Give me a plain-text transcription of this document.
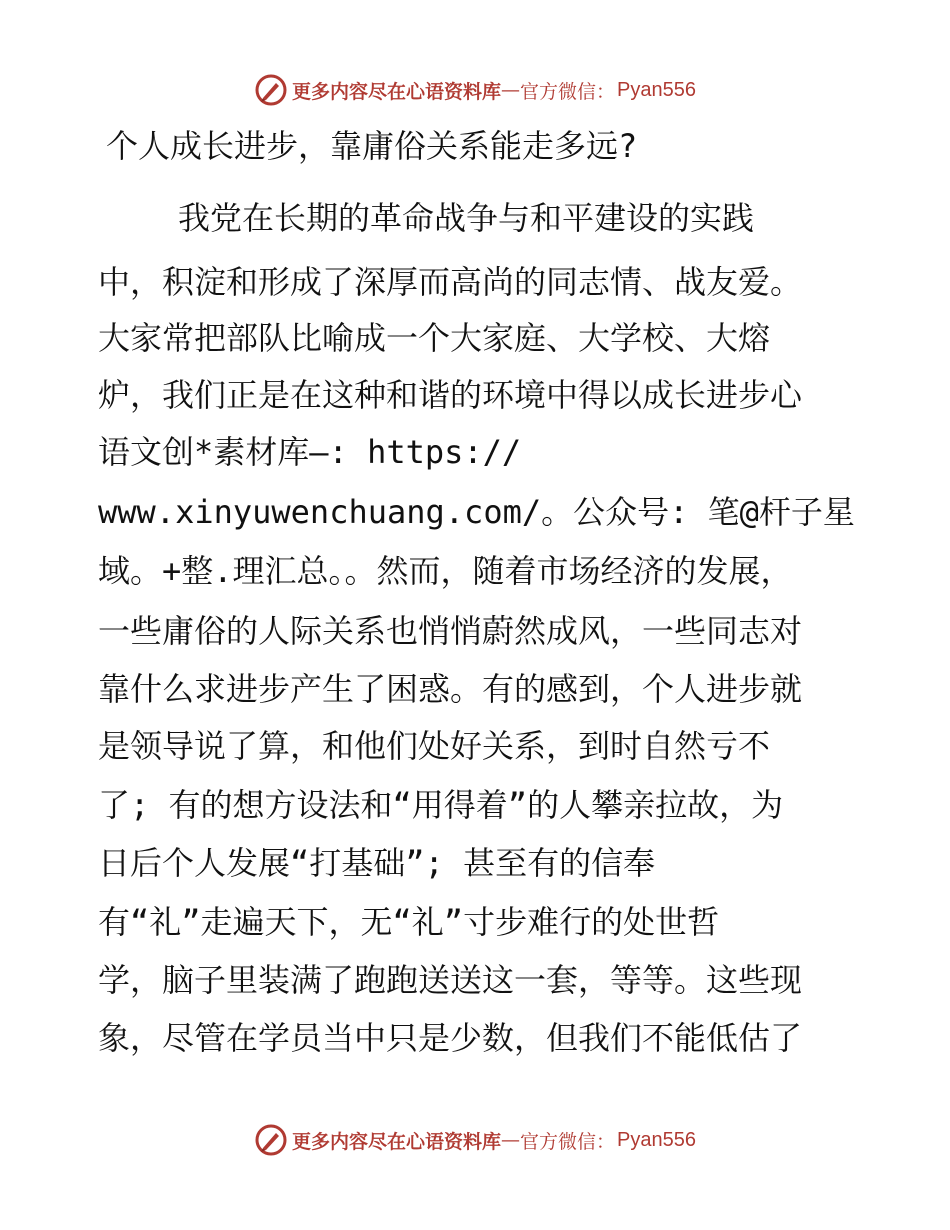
更多内容尽在心语资料库 — 官方微信： Pyan556
个人成长进步，靠庸俗关系能走多远?

我党在长期的革命战争与和平建设的实践

中，积淀和形成了深厚而高尚的同志情、战友爱。

大家常把部队比喻成一个大家庭、大学校、大熔

炉，我们正是在这种和谐的环境中得以成长进步心

语文创*素材库—: https://

www.xinyuwenchuang.com/。公众号: 笔@杆子星

域。+整.理汇总。。然而，随着市场经济的发展，

一些庸俗的人际关系也悄悄蔚然成风，一些同志对

靠什么求进步产生了困惑。有的感到，个人进步就

是领导说了算，和他们处好关系，到时自然亏不

了; 有的想方设法和“用得着”的人攀亲拉故，为

日后个人发展“打基础”; 甚至有的信奉

有“礼”走遍天下，无“礼”寸步难行的处世哲

学，脑子里装满了跑跑送送这一套，等等。这些现

象，尽管在学员当中只是少数，但我们不能低估了

更多内容尽在心语资料库 — 官方微信： Pyan556
